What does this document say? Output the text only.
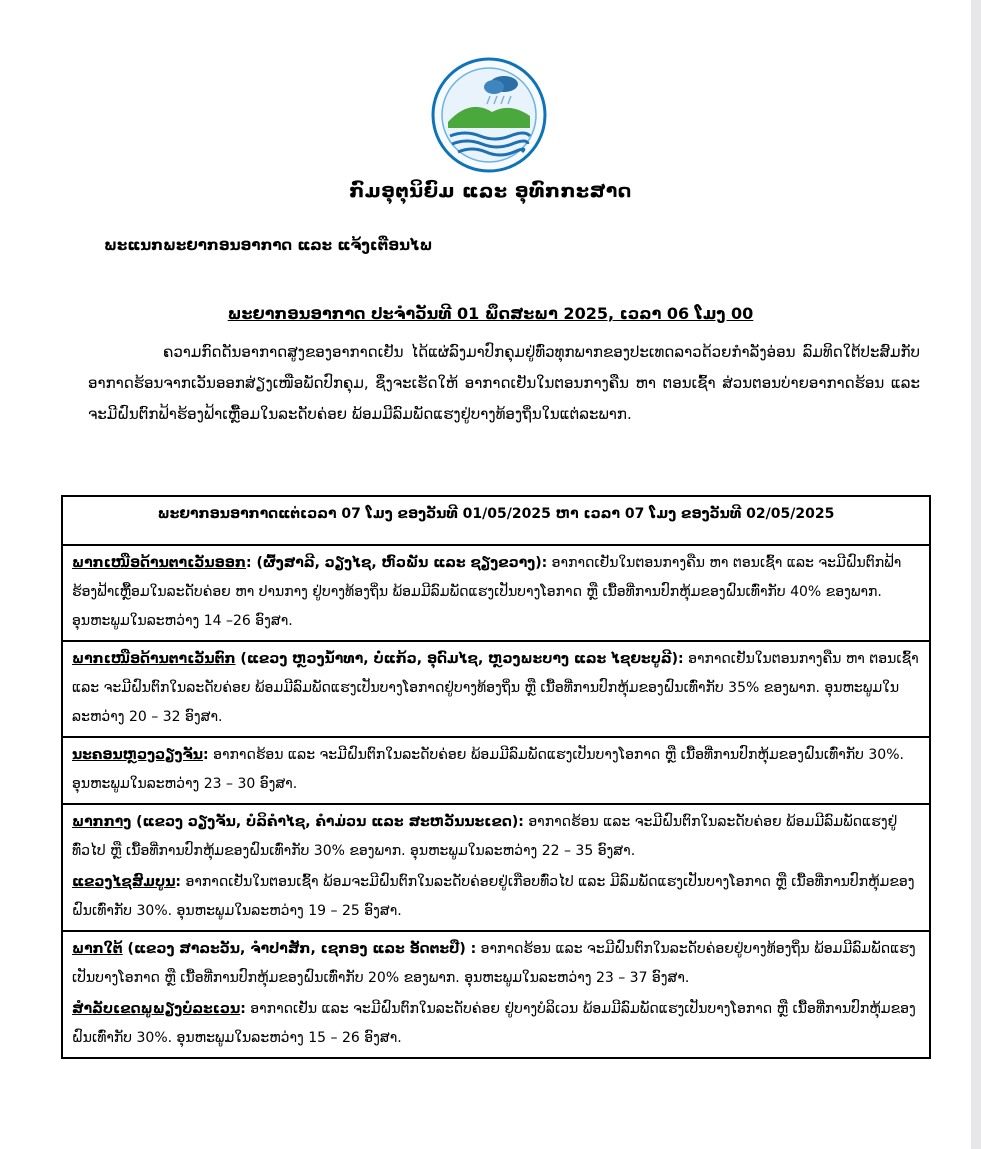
ກົມອຸຕຸນິຍົມ ແລະ ອຸທົກກະສາດ
ພະແນກພະຍາກອນອາກາດ ແລະ ແຈ້ງເຕືອນໄພ
ພະຍາກອນອາກາດ ປະຈຳວັນທີ 01 ພຶດສະພາ 2025, ເວລາ 06 ໂມງ 00
ຄວາມກົດດັນອາກາດສູງຂອງອາກາດເຢັນ ໄດ້ແຜ່ລົງມາປົກຄຸມຢູ່ທົ່ວທຸກພາກຂອງປະເທດລາວດ້ວຍກຳລັງອ່ອນ ລົມທິດໃຕ້ປະສົມກັບອາກາດຮ້ອນຈາກເວັນອອກສ່ຽງເໜືອພັດປົກຄຸມ, ຊຶ່ງຈະເຮັດໃຫ້ ອາກາດເຢັນໃນຕອນກາງຄືນ ຫາ ຕອນເຊົ້າ ສ່ວນຕອນບ່າຍອາກາດຮ້ອນ ແລະ ຈະມີຝົນຕົກຟ້າຮ້ອງຟ້າເຫຼື້ອມໃນລະດັບຄ່ອຍ ພ້ອມມີລົມພັດແຮງຢູ່ບາງທ້ອງຖິ່ນໃນແຕ່ລະພາກ.
ພະຍາກອນອາກາດແຕ່ເວລາ 07 ໂມງ ຂອງວັນທີ 01/05/2025 ຫາ ເວລາ 07 ໂມງ ຂອງວັນທີ 02/05/2025

ພາກເໜືອດ້ານຕາເວັນອອກ: (ຜົ້ງສາລີ, ວຽງໄຊ, ຫົວພັນ ແລະ ຊຽງຂວາງ): ອາກາດເຢັນໃນຕອນກາງຄືນ ຫາ ຕອນເຊົ້າ ແລະ ຈະມີຝົນຕົກຟ້າຮ້ອງຟ້າເຫຼື້ອມໃນລະດັບຄ່ອຍ ຫາ ປານກາງ ຢູ່ບາງທ້ອງຖິ່ນ ພ້ອມມີລົມພັດແຮງເປັນບາງໂອກາດ ຫຼື ເນື້ອທີ່ການປົກຫຸ້ມຂອງຝົນເທົ່າກັບ 40% ຂອງພາກ. ອຸນຫະພູມໃນລະຫວ່າງ 14 –26 ອົງສາ.

ພາກເໜືອດ້ານຕາເວັນຕົກ (ແຂວງ ຫຼວງນ້ຳທາ, ບໍ່ແກ້ວ, ອຸດົມໄຊ, ຫຼວງພະບາງ ແລະ ໄຊຍະບູລີ): ອາກາດເຢັນໃນຕອນກາງຄືນ ຫາ ຕອນເຊົ້າ ແລະ ຈະມີຝົນຕົກໃນລະດັບຄ່ອຍ ພ້ອມມີລົມພັດແຮງເປັນບາງໂອກາດຢູ່ບາງທ້ອງຖິ່ນ ຫຼື ເນື້ອທີ່ການປົກຫຸ້ມຂອງຝົນເທົ່າກັບ 35% ຂອງພາກ. ອຸນຫະພູມໃນລະຫວ່າງ 20 – 32 ອົງສາ.

ນະຄອນຫຼວງວຽງຈັນ: ອາກາດຮ້ອນ ແລະ ຈະມີຝົນຕົກໃນລະດັບຄ່ອຍ ພ້ອມມີລົມພັດແຮງເປັນບາງໂອກາດ ຫຼື ເນື້ອທີ່ການປົກຫຸ້ມຂອງຝົນເທົ່າກັບ 30%. ອຸນຫະພູມໃນລະຫວ່າງ 23 – 30 ອົງສາ.

ພາກກາງ (ແຂວງ ວຽງຈັນ, ບໍລິຄຳໄຊ, ຄຳມ່ວນ ແລະ ສະຫວັນນະເຂດ): ອາກາດຮ້ອນ ແລະ ຈະມີຝົນຕົກໃນລະດັບຄ່ອຍ ພ້ອມມີລົມພັດແຮງຢູ່ທົ່ວໄປ ຫຼື ເນື້ອທີ່ການປົກຫຸ້ມຂອງຝົນເທົ່າກັບ 30% ຂອງພາກ. ອຸນຫະພູມໃນລະຫວ່າງ 22 – 35 ອົງສາ.

ແຂວງໄຊສົມບູນ: ອາກາດເຢັນໃນຕອນເຊົ້າ ພ້ອມຈະມີຝົນຕົກໃນລະດັບຄ່ອຍຢູ່ເກືອບທົ່ວໄປ ແລະ ມີລົມພັດແຮງເປັນບາງໂອກາດ ຫຼື ເນື້ອທີ່ການປົກຫຸ້ມຂອງຝົນເທົ່າກັບ 30%. ອຸນຫະພູມໃນລະຫວ່າງ 19 – 25 ອົງສາ.

ພາກໃຕ້ (ແຂວງ ສາລະວັນ, ຈຳປາສັກ, ເຊກອງ ແລະ ອັດຕະປື) : ອາກາດຮ້ອນ ແລະ ຈະມີຝົນຕົກໃນລະດັບຄ່ອຍຢູ່ບາງທ້ອງຖິ່ນ ພ້ອມມີລົມພັດແຮງເປັນບາງໂອກາດ ຫຼື ເນື້ອທີ່ການປົກຫຸ້ມຂອງຝົນເທົ່າກັບ 20% ຂອງພາກ. ອຸນຫະພູມໃນລະຫວ່າງ 23 – 37 ອົງສາ.

ສຳລັບເຂດພູພຽງບໍລະເວນ: ອາກາດເຢັນ ແລະ ຈະມີຝົນຕົກໃນລະດັບຄ່ອຍ ຢູ່ບາງບໍລິເວນ ພ້ອມມີລົມພັດແຮງເປັນບາງໂອກາດ ຫຼື ເນື້ອທີ່ການປົກຫຸ້ມຂອງຝົນເທົ່າກັບ 30%. ອຸນຫະພູມໃນລະຫວ່າງ 15 – 26 ອົງສາ.
